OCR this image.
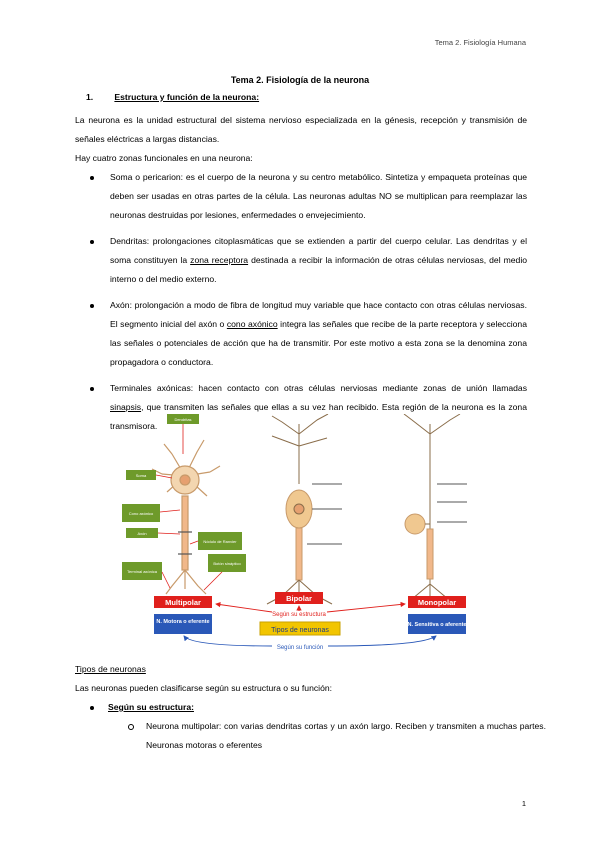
Tema 2. Fisiología Humana
Tema 2. Fisiología de la neurona
1. Estructura y función de la neurona:
La neurona es la unidad estructural del sistema nervioso especializada en la génesis, recepción y transmisión de señales eléctricas a largas distancias.
Hay cuatro zonas funcionales en una neurona:
Soma o pericarion: es el cuerpo de la neurona y su centro metabólico. Sintetiza y empaqueta proteínas que deben ser usadas en otras partes de la célula. Las neuronas adultas NO se multiplican para reemplazar las neuronas destruidas por lesiones, enfermedades o envejecimiento.
Dendritas: prolongaciones citoplasmáticas que se extienden a partir del cuerpo celular. Las dendritas y el soma constituyen la zona receptora destinada a recibir la información de otras células nerviosas, del medio interno o del medio externo.
Axón: prolongación a modo de fibra de longitud muy variable que hace contacto con otras células nerviosas. El segmento inicial del axón o cono axónico integra las señales que recibe de la parte receptora y selecciona las señales o potenciales de acción que ha de transmitir. Por este motivo a esta zona se la denomina zona propagadora o conductora.
Terminales axónicas: hacen contacto con otras células nerviosas mediante zonas de unión llamadas sinapsis, que transmiten las señales que ellas a su vez han recibido. Esta región de la neurona es la zona transmisora.
Dendritas
Soma
Cono axónico
Axón
Nódulo de Ranvier
Botón sináptico
Terminal axónica
Multipolar	Bipolar	Monopolar
Según su estructura
N. Motora o eferente	N. Sensitiva o aferente
Tipos de neuronas
Según su función
Tipos de neuronas
Las neuronas pueden clasificarse según su estructura o su función:
Según su estructura:
Neurona multipolar: con varias dendritas cortas y un axón largo. Reciben y transmiten a muchas partes. Neuronas motoras o eferentes
1
